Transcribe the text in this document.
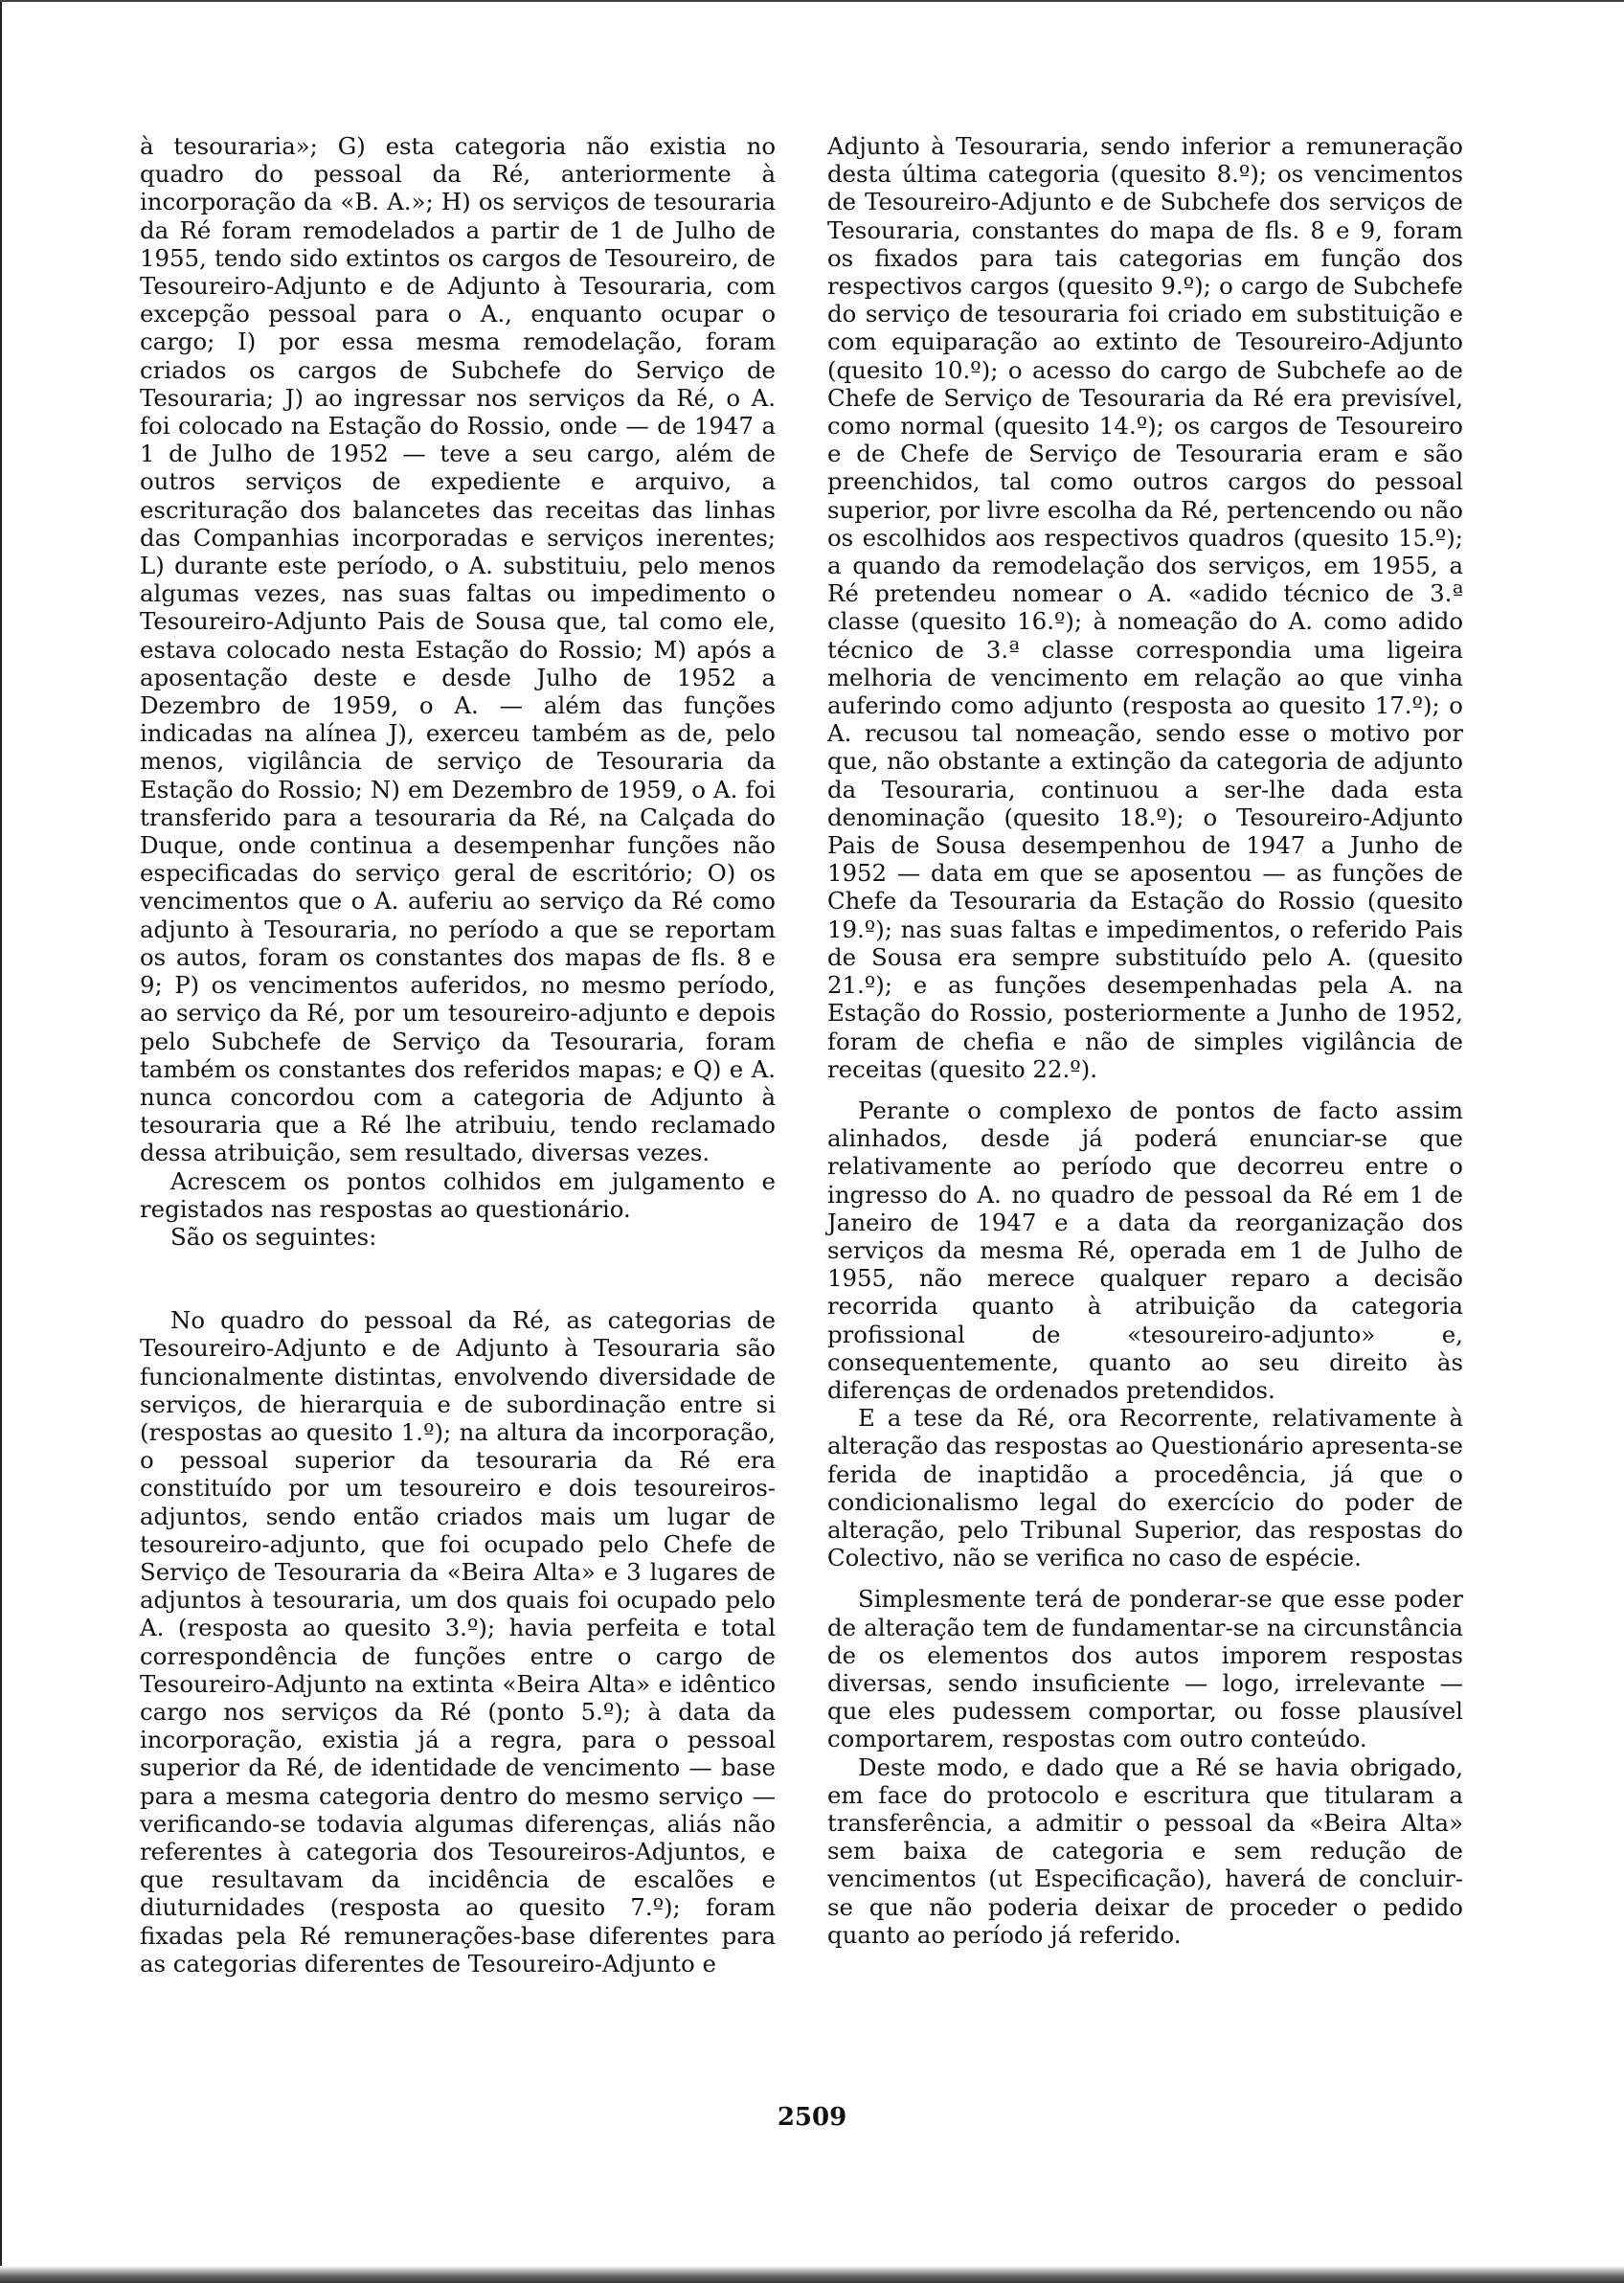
à tesouraria»; G) esta categoria não existia no quadro do pessoal da Ré, anteriormente à incorporação da «B. A.»; H) os serviços de tesouraria da Ré foram remodelados a partir de 1 de Julho de 1955, tendo sido extintos os cargos de Tesoureiro, de Tesoureiro-Adjunto e de Adjunto à Tesouraria, com excepção pessoal para o A., enquanto ocupar o cargo; I) por essa mesma remodelação, foram criados os cargos de Subchefe do Serviço de Tesouraria; J) ao ingressar nos serviços da Ré, o A. foi colocado na Estação do Rossio, onde — de 1947 a 1 de Julho de 1952 — teve a seu cargo, além de outros serviços de expediente e arquivo, a escrituração dos balancetes das receitas das linhas das Companhias incorporadas e serviços inerentes; L) durante este período, o A. substituiu, pelo menos algumas vezes, nas suas faltas ou impedimento o Tesoureiro-Adjunto Pais de Sousa que, tal como ele, estava colocado nesta Estação do Rossio; M) após a aposentação deste e desde Julho de 1952 a Dezembro de 1959, o A. — além das funções indicadas na alínea J), exerceu também as de, pelo menos, vigilância de serviço de Tesouraria da Estação do Rossio; N) em Dezembro de 1959, o A. foi transferido para a tesouraria da Ré, na Calçada do Duque, onde continua a desempenhar funções não especificadas do serviço geral de escritório; O) os vencimentos que o A. auferiu ao serviço da Ré como adjunto à Tesouraria, no período a que se reportam os autos, foram os constantes dos mapas de fls. 8 e 9; P) os vencimentos auferidos, no mesmo período, ao serviço da Ré, por um tesoureiro-adjunto e depois pelo Subchefe de Serviço da Tesouraria, foram também os constantes dos referidos mapas; e Q) e A. nunca concordou com a categoria de Adjunto à tesouraria que a Ré lhe atribuiu, tendo reclamado dessa atribuição, sem resultado, diversas vezes.

Acrescem os pontos colhidos em julgamento e registados nas respostas ao questionário.

São os seguintes:

No quadro do pessoal da Ré, as categorias de Tesoureiro-Adjunto e de Adjunto à Tesouraria são funcionalmente distintas, envolvendo diversidade de serviços, de hierarquia e de subordinação entre si (respostas ao quesito 1.º); na altura da incorporação, o pessoal superior da tesouraria da Ré era constituído por um tesoureiro e dois tesoureiros-adjuntos, sendo então criados mais um lugar de tesoureiro-adjunto, que foi ocupado pelo Chefe de Serviço de Tesouraria da «Beira Alta» e 3 lugares de adjuntos à tesouraria, um dos quais foi ocupado pelo A. (resposta ao quesito 3.º); havia perfeita e total correspondência de funções entre o cargo de Tesoureiro-Adjunto na extinta «Beira Alta» e idêntico cargo nos serviços da Ré (ponto 5.º); à data da incorporação, existia já a regra, para o pessoal superior da Ré, de identidade de vencimento — base para a mesma categoria dentro do mesmo serviço — verificando-se todavia algumas diferenças, aliás não referentes à categoria dos Tesoureiros-Adjuntos, e que resultavam da incidência de escalões e diuturnidades (resposta ao quesito 7.º); foram fixadas pela Ré remunerações-base diferentes para as categorias diferentes de Tesoureiro-Adjunto e

Adjunto à Tesouraria, sendo inferior a remuneração desta última categoria (quesito 8.º); os vencimentos de Tesoureiro-Adjunto e de Subchefe dos serviços de Tesouraria, constantes do mapa de fls. 8 e 9, foram os fixados para tais categorias em função dos respectivos cargos (quesito 9.º); o cargo de Subchefe do serviço de tesouraria foi criado em substituição e com equiparação ao extinto de Tesoureiro-Adjunto (quesito 10.º); o acesso do cargo de Subchefe ao de Chefe de Serviço de Tesouraria da Ré era previsível, como normal (quesito 14.º); os cargos de Tesoureiro e de Chefe de Serviço de Tesouraria eram e são preenchidos, tal como outros cargos do pessoal superior, por livre escolha da Ré, pertencendo ou não os escolhidos aos respectivos quadros (quesito 15.º); a quando da remodelação dos serviços, em 1955, a Ré pretendeu nomear o A. «adido técnico de 3.ª classe (quesito 16.º); à nomeação do A. como adido técnico de 3.ª classe correspondia uma ligeira melhoria de vencimento em relação ao que vinha auferindo como adjunto (resposta ao quesito 17.º); o A. recusou tal nomeação, sendo esse o motivo por que, não obstante a extinção da categoria de adjunto da Tesouraria, continuou a ser-lhe dada esta denominação (quesito 18.º); o Tesoureiro-Adjunto Pais de Sousa desempenhou de 1947 a Junho de 1952 — data em que se aposentou — as funções de Chefe da Tesouraria da Estação do Rossio (quesito 19.º); nas suas faltas e impedimentos, o referido Pais de Sousa era sempre substituído pelo A. (quesito 21.º); e as funções desempenhadas pela A. na Estação do Rossio, posteriormente a Junho de 1952, foram de chefia e não de simples vigilância de receitas (quesito 22.º).

Perante o complexo de pontos de facto assim alinhados, desde já poderá enunciar-se que relativamente ao período que decorreu entre o ingresso do A. no quadro de pessoal da Ré em 1 de Janeiro de 1947 e a data da reorganização dos serviços da mesma Ré, operada em 1 de Julho de 1955, não merece qualquer reparo a decisão recorrida quanto à atribuição da categoria profissional de «tesoureiro-adjunto» e, consequentemente, quanto ao seu direito às diferenças de ordenados pretendidos.

E a tese da Ré, ora Recorrente, relativamente à alteração das respostas ao Questionário apresenta-se ferida de inaptidão a procedência, já que o condicionalismo legal do exercício do poder de alteração, pelo Tribunal Superior, das respostas do Colectivo, não se verifica no caso de espécie.

Simplesmente terá de ponderar-se que esse poder de alteração tem de fundamentar-se na circunstância de os elementos dos autos imporem respostas diversas, sendo insuficiente — logo, irrelevante — que eles pudessem comportar, ou fosse plausível comportarem, respostas com outro conteúdo.

Deste modo, e dado que a Ré se havia obrigado, em face do protocolo e escritura que titularam a transferência, a admitir o pessoal da «Beira Alta» sem baixa de categoria e sem redução de vencimentos (ut Especificação), haverá de concluir-se que não poderia deixar de proceder o pedido quanto ao período já referido.

2509
